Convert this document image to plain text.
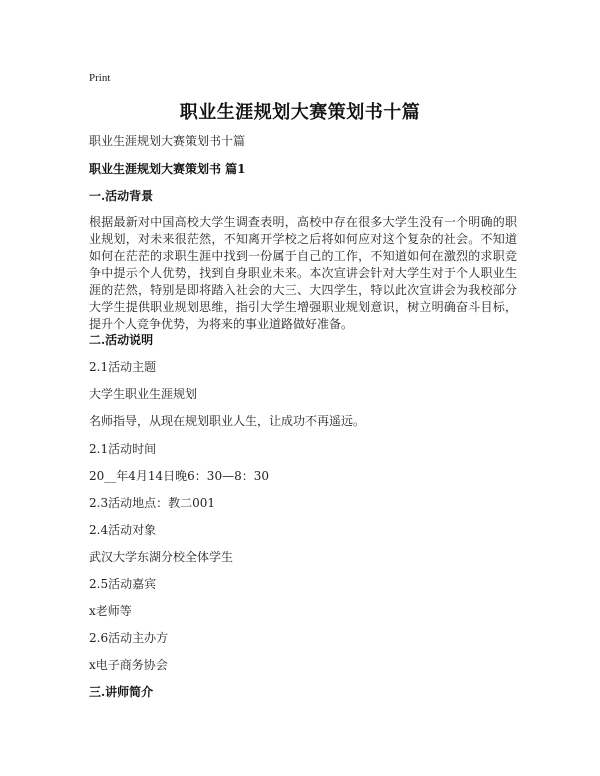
Print
职业生涯规划大赛策划书十篇
职业生涯规划大赛策划书十篇
职业生涯规划大赛策划书 篇1
一.活动背景
根据最新对中国高校大学生调查表明，高校中存在很多大学生没有一个明确的职业规划，对未来很茫然，不知离开学校之后将如何应对这个复杂的社会。不知道如何在茫茫的求职生涯中找到一份属于自己的工作，不知道如何在激烈的求职竞争中提示个人优势，找到自身职业未来。本次宣讲会针对大学生对于个人职业生涯的茫然，特别是即将踏入社会的大三、大四学生，特以此次宣讲会为我校部分大学生提供职业规划思维，指引大学生增强职业规划意识，树立明确奋斗目标，提升个人竞争优势，为将来的事业道路做好准备。
二.活动说明
2.1活动主题
大学生职业生涯规划
名师指导，从现在规划职业人生，让成功不再遥远。
2.1活动时间
20__年4月14日晚6：30—8：30
2.3活动地点：教二001
2.4活动对象
武汉大学东湖分校全体学生
2.5活动嘉宾
x老师等
2.6活动主办方
x电子商务协会
三.讲师简介
